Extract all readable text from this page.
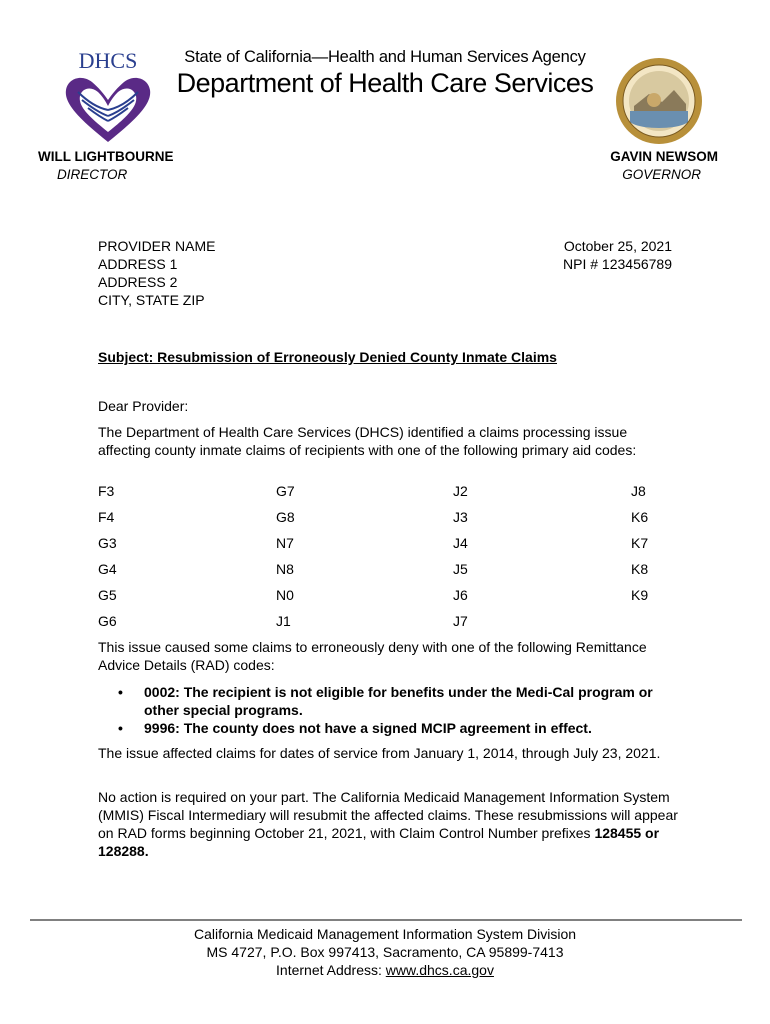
DHCS	State of California—Health and Human Services Agency
Department of Health Care Services
WILL LIGHTBOURNE
DIRECTOR
GAVIN NEWSOM
GOVERNOR
PROVIDER NAME
ADDRESS 1
ADDRESS 2
CITY, STATE ZIP
October 25, 2021
NPI # 123456789
Subject: Resubmission of Erroneously Denied County Inmate Claims
Dear Provider:
The Department of Health Care Services (DHCS) identified a claims processing issue affecting county inmate claims of recipients with one of the following primary aid codes:
F3	G7	J2	J8
F4	G8	J3	K6
G3	N7	J4	K7
G4	N8	J5	K8
G5	N0	J6	K9
G6	J1	J7
This issue caused some claims to erroneously deny with one of the following Remittance Advice Details (RAD) codes:
• 0002: The recipient is not eligible for benefits under the Medi-Cal program or other special programs.
• 9996: The county does not have a signed MCIP agreement in effect.
The issue affected claims for dates of service from January 1, 2014, through July 23, 2021.
No action is required on your part. The California Medicaid Management Information System (MMIS) Fiscal Intermediary will resubmit the affected claims. These resubmissions will appear on RAD forms beginning October 21, 2021, with Claim Control Number prefixes 128455 or 128288.
California Medicaid Management Information System Division
MS 4727, P.O. Box 997413, Sacramento, CA 95899-7413
Internet Address: www.dhcs.ca.gov
